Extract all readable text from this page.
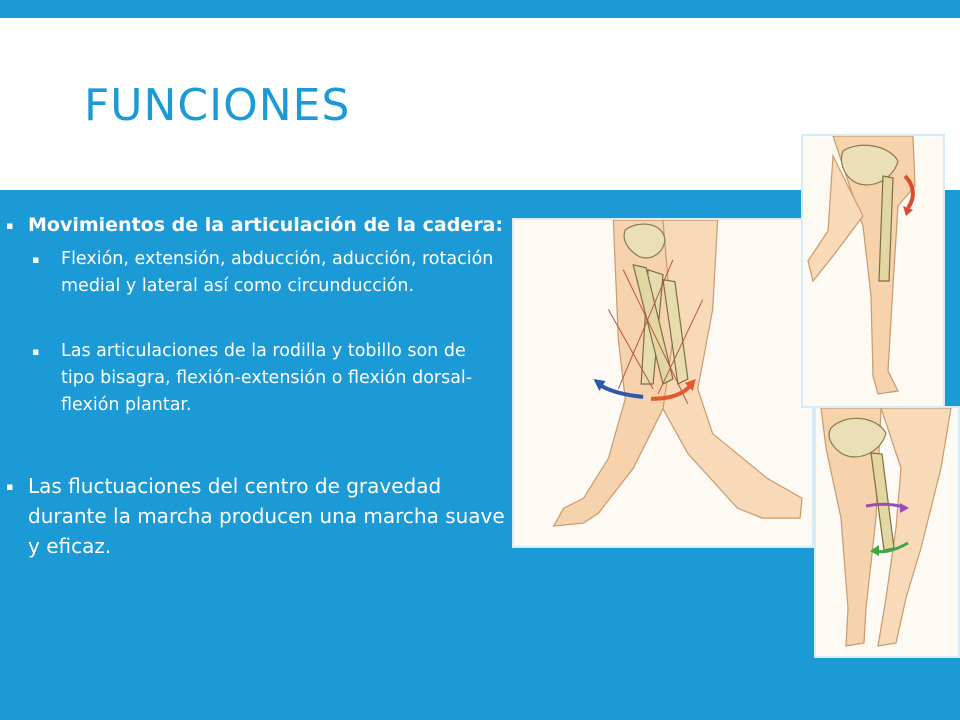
FUNCIONES

▪ Movimientos de la articulación de la cadera:

▪ Flexión, extensión, abducción, aducción, rotación medial y lateral así como circunducción.

▪ Las articulaciones de la rodilla y tobillo son de tipo bisagra, flexión-extensión o flexión dorsal-flexión plantar.

▪ Las fluctuaciones del centro de gravedad durante la marcha producen una marcha suave y eficaz.
